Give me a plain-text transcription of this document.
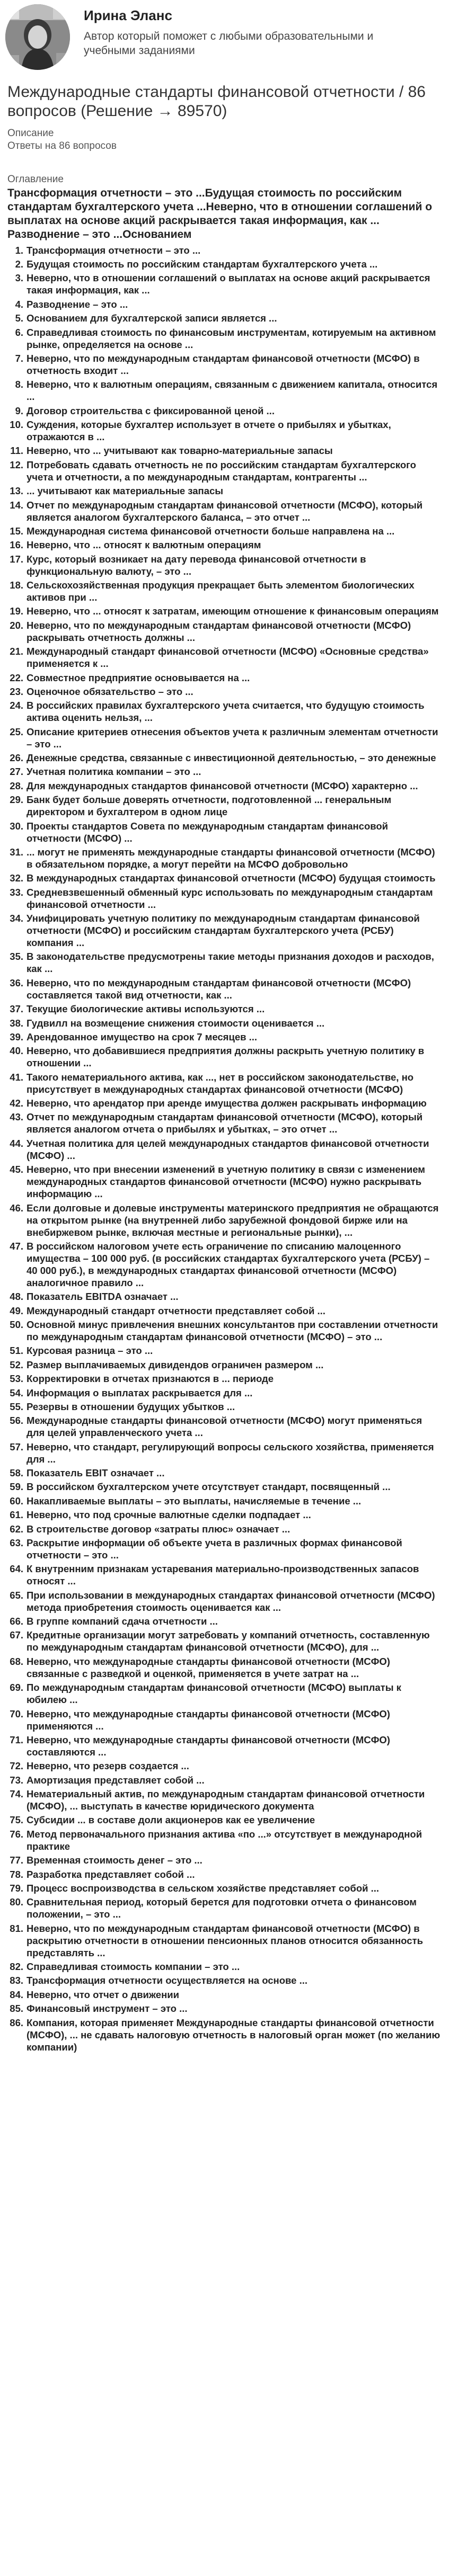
Ирина Эланс
Автор который поможет с любыми образовательными и учебными заданиями
Международные стандарты финансовой отчетности / 86 вопросов (Решение → 89570)
Описание
Ответы на 86 вопросов
Оглавление
Трансформация отчетности – это ...Будущая стоимость по российским стандартам бухгалтерского учета ...Неверно, что в отношении соглашений о выплатах на основе акций раскрывается такая информация, как ... Разводнение – это ...Основанием
1. Трансформация отчетности – это ...
2. Будущая стоимость по российским стандартам бухгалтерского учета ...
3. Неверно, что в отношении соглашений о выплатах на основе акций раскрывается такая информация, как ...
4. Разводнение – это ...
5. Основанием для бухгалтерской записи является ...
6. Справедливая стоимость по финансовым инструментам, котируемым на активном рынке, определяется на основе ...
7. Неверно, что по международным стандартам финансовой отчетности (МСФО) в отчетность входит ...
8. Неверно, что к валютным операциям, связанным с движением капитала, относится ...
9. Договор строительства с фиксированной ценой ...
10. Суждения, которые бухгалтер использует в отчете о прибылях и убытках, отражаются в ...
11. Неверно, что ... учитывают как товарно-материальные запасы
12. Потребовать сдавать отчетность не по российским стандартам бухгалтерского учета и отчетности, а по международным стандартам, контрагенты ...
13. ... учитывают как материальные запасы
14. Отчет по международным стандартам финансовой отчетности (МСФО), который является аналогом бухгалтерского баланса, – это отчет ...
15. Международная система финансовой отчетности больше направлена на ...
16. Неверно, что ... относят к валютным операциям
17. Курс, который возникает на дату перевода финансовой отчетности в функциональную валюту, – это ...
18. Сельскохозяйственная продукция прекращает быть элементом биологических активов при ...
19. Неверно, что ... относят к затратам, имеющим отношение к финансовым операциям
20. Неверно, что по международным стандартам финансовой отчетности (МСФО) раскрывать отчетность должны ...
21. Международный стандарт финансовой отчетности (МСФО) «Основные средства» применяется к ...
22. Совместное предприятие основывается на ...
23. Оценочное обязательство – это ...
24. В российских правилах бухгалтерского учета считается, что будущую стоимость актива оценить нельзя, ...
25. Описание критериев отнесения объектов учета к различным элементам отчетности – это ...
26. Денежные средства, связанные с инвестиционной деятельностью, – это денежные
27. Учетная политика компании – это ...
28. Для международных стандартов финансовой отчетности (МСФО) характерно ...
29. Банк будет больше доверять отчетности, подготовленной ... генеральным директором и бухгалтером в одном лице
30. Проекты стандартов Совета по международным стандартам финансовой отчетности (МСФО) ...
31. ... могут не применять международные стандарты финансовой отчетности (МСФО) в обязательном порядке, а могут перейти на МСФО добровольно
32. В международных стандартах финансовой отчетности (МСФО) будущая стоимость
33. Средневзвешенный обменный курс использовать по международным стандартам финансовой отчетности ...
34. Унифицировать учетную политику по международным стандартам финансовой отчетности (МСФО) и российским стандартам бухгалтерского учета (РСБУ) компания ...
35. В законодательстве предусмотрены такие методы признания доходов и расходов, как ...
36. Неверно, что по международным стандартам финансовой отчетности (МСФО) составляется такой вид отчетности, как ...
37. Текущие биологические активы используются ...
38. Гудвилл на возмещение снижения стоимости оценивается ...
39. Арендованное имущество на срок 7 месяцев ...
40. Неверно, что добавившиеся предприятия должны раскрыть учетную политику в отношении ...
41. Такого нематериального актива, как ..., нет в российском законодательстве, но присутствует в международных стандартах финансовой отчетности (МСФО)
42. Неверно, что арендатор при аренде имущества должен раскрывать информацию
43. Отчет по международным стандартам финансовой отчетности (МСФО), который является аналогом отчета о прибылях и убытках, – это отчет ...
44. Учетная политика для целей международных стандартов финансовой отчетности (МСФО) ...
45. Неверно, что при внесении изменений в учетную политику в связи с изменением международных стандартов финансовой отчетности (МСФО) нужно раскрывать информацию ...
46. Если долговые и долевые инструменты материнского предприятия не обращаются на открытом рынке (на внутренней либо зарубежной фондовой бирже или на внебиржевом рынке, включая местные и региональные рынки), ...
47. В российском налоговом учете есть ограничение по списанию малоценного имущества – 100 000 руб. (в российских стандартах бухгалтерского учета (РСБУ) – 40 000 руб.), в международных стандартах финансовой отчетности (МСФО) аналогичное правило ...
48. Показатель EBITDA означает ...
49. Международный стандарт отчетности представляет собой ...
50. Основной минус привлечения внешних консультантов при составлении отчетности по международным стандартам финансовой отчетности (МСФО) – это ...
51. Курсовая разница – это ...
52. Размер выплачиваемых дивидендов ограничен размером ...
53. Корректировки в отчетах признаются в ... периоде
54. Информация о выплатах раскрывается для ...
55. Резервы в отношении будущих убытков ...
56. Международные стандарты финансовой отчетности (МСФО) могут применяться для целей управленческого учета ...
57. Неверно, что стандарт, регулирующий вопросы сельского хозяйства, применяется для ...
58. Показатель EBIT означает ...
59. В российском бухгалтерском учете отсутствует стандарт, посвященный ...
60. Накапливаемые выплаты – это выплаты, начисляемые в течение ...
61. Неверно, что под срочные валютные сделки подпадает ...
62. В строительстве договор «затраты плюс» означает ...
63. Раскрытие информации об объекте учета в различных формах финансовой отчетности – это ...
64. К внутренним признакам устаревания материально-производственных запасов относят ...
65. При использовании в международных стандартах финансовой отчетности (МСФО) метода приобретения стоимость оценивается как ...
66. В группе компаний сдача отчетности ...
67. Кредитные организации могут затребовать у компаний отчетность, составленную по международным стандартам финансовой отчетности (МСФО), для ...
68. Неверно, что международные стандарты финансовой отчетности (МСФО) связанные с разведкой и оценкой, применяется в учете затрат на ...
69. По международным стандартам финансовой отчетности (МСФО) выплаты к юбилею ...
70. Неверно, что международные стандарты финансовой отчетности (МСФО) применяются ...
71. Неверно, что международные стандарты финансовой отчетности (МСФО) составляются ...
72. Неверно, что резерв создается ...
73. Амортизация представляет собой ...
74. Нематериальный актив, по международным стандартам финансовой отчетности (МСФО), ... выступать в качестве юридического документа
75. Субсидии ... в составе доли акционеров как ее увеличение
76. Метод первоначального признания актива «по ...» отсутствует в международной практике
77. Временная стоимость денег – это ...
78. Разработка представляет собой ...
79. Процесс воспроизводства в сельском хозяйстве представляет собой ...
80. Сравнительная период, который берется для подготовки отчета о финансовом положении, – это ...
81. Неверно, что по международным стандартам финансовой отчетности (МСФО) в раскрытию отчетности в отношении пенсионных планов относится обязанность представлять ...
82. Справедливая стоимость компании – это ...
83. Трансформация отчетности осуществляется на основе ...
84. Неверно, что отчет о движении
85. Финансовый инструмент – это ...
86. Компания, которая применяет Международные стандарты финансовой отчетности (МСФО), ... не сдавать налоговую отчетность в налоговый орган может (по желанию компании)
